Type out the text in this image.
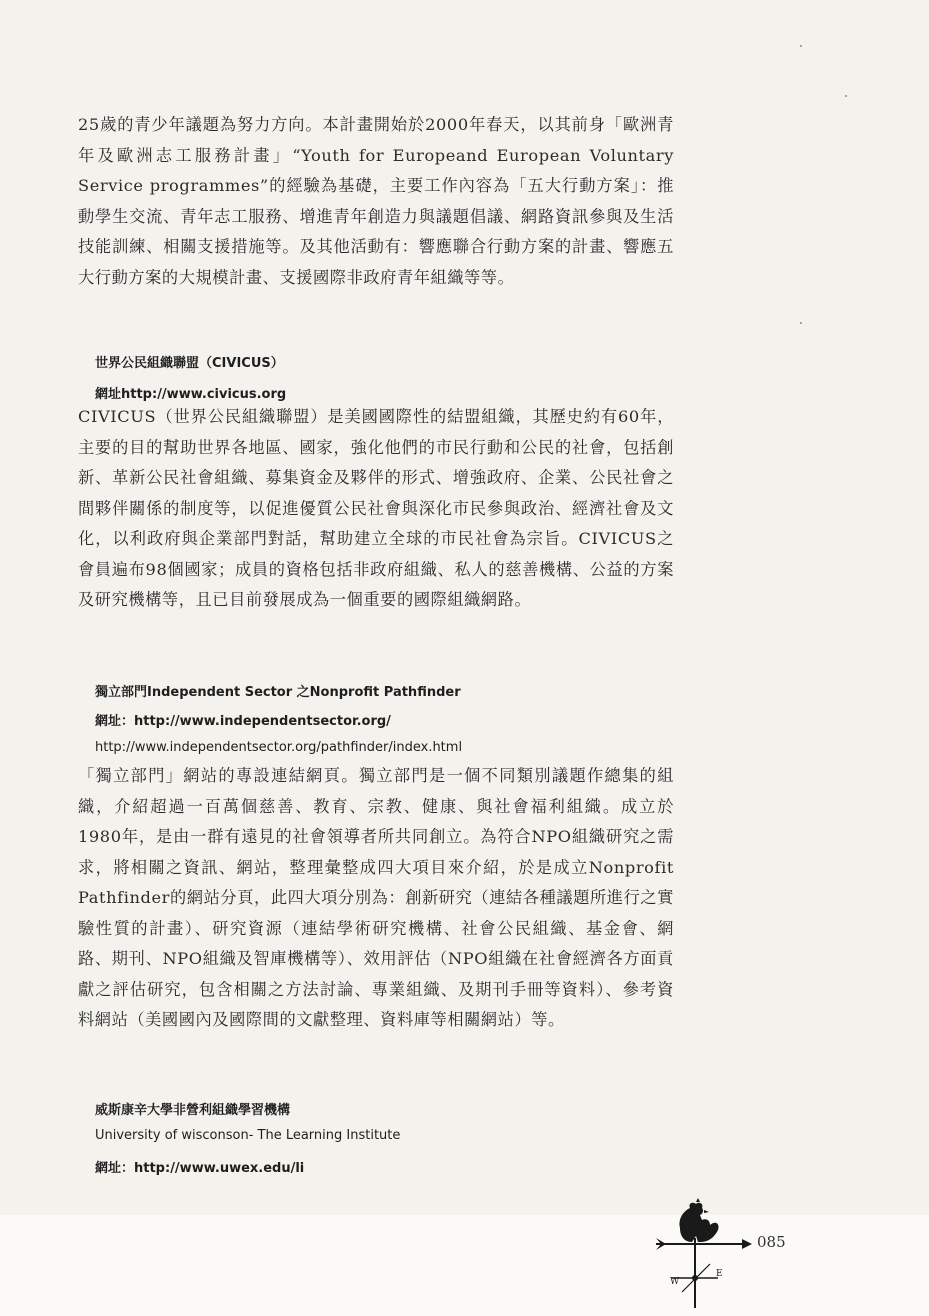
25歲的青少年議題為努力方向。本計畫開始於2000年春天，以其前身「歐洲青年及歐洲志工服務計畫」“Youth for Europeand European Voluntary Service programmes”的經驗為基礎，主要工作內容為「五大行動方案」：推動學生交流、青年志工服務、增進青年創造力與議題倡議、網路資訊參與及生活技能訓練、相關支援措施等。及其他活動有：響應聯合行動方案的計畫、響應五大行動方案的大規模計畫、支援國際非政府青年組織等等。

世界公民組織聯盟（CIVICUS）

網址http://www.civicus.org

CIVICUS（世界公民組織聯盟）是美國國際性的結盟組織，其歷史約有60年，主要的目的幫助世界各地區、國家，強化他們的市民行動和公民的社會，包括創新、革新公民社會組織、募集資金及夥伴的形式、增強政府、企業、公民社會之間夥伴關係的制度等，以促進優質公民社會與深化市民參與政治、經濟社會及文化，以利政府與企業部門對話，幫助建立全球的市民社會為宗旨。CIVICUS之會員遍布98個國家；成員的資格包括非政府組織、私人的慈善機構、公益的方案及研究機構等，且已目前發展成為一個重要的國際組織網路。

獨立部門Independent Sector 之Nonprofit Pathfinder

網址：http://www.independentsector.org/

http://www.independentsector.org/pathfinder/index.html

「獨立部門」網站的專設連結網頁。獨立部門是一個不同類別議題作總集的組織，介紹超過一百萬個慈善、教育、宗教、健康、與社會福利組織。成立於1980年，是由一群有遠見的社會領導者所共同創立。為符合NPO組織研究之需求，將相關之資訊、網站，整理彙整成四大項目來介紹，於是成立Nonprofit Pathfinder的網站分頁，此四大項分別為：創新研究（連結各種議題所進行之實驗性質的計畫）、研究資源（連結學術研究機構、社會公民組織、基金會、網路、期刊、NPO組織及智庫機構等）、效用評估（NPO組織在社會經濟各方面貢獻之評估研究，包含相關之方法討論、專業組織、及期刊手冊等資料）、參考資料網站（美國國內及國際間的文獻整理、資料庫等相關網站）等。

威斯康辛大學非營利組織學習機構

University of wisconson- The Learning Institute

網址：http://www.uwex.edu/li

W
E
085
